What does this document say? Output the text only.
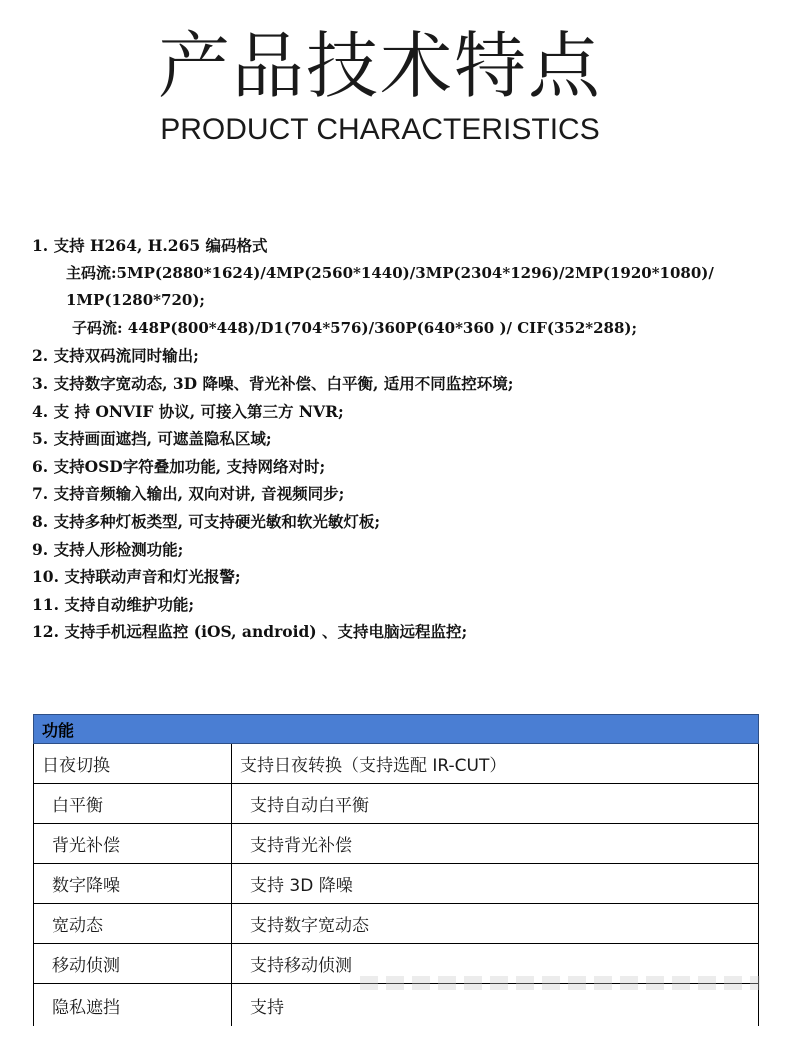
产品技术特点
PRODUCT CHARACTERISTICS
1. 支持 H264, H.265 编码格式
主码流:5MP(2880*1624)/4MP(2560*1440)/3MP(2304*1296)/2MP(1920*1080)/
1MP(1280*720);
子码流: 448P(800*448)/D1(704*576)/360P(640*360 )/ CIF(352*288);
2. 支持双码流同时输出;
3. 支持数字宽动态, 3D 降噪、背光补偿、白平衡, 适用不同监控环境;
4. 支 持 ONVIF 协议, 可接入第三方 NVR;
5. 支持画面遮挡, 可遮盖隐私区域;
6. 支持OSD字符叠加功能, 支持网络对时;
7. 支持音频输入输出, 双向对讲, 音视频同步;
8. 支持多种灯板类型, 可支持硬光敏和软光敏灯板;
9. 支持人形检测功能;
10. 支持联动声音和灯光报警;
11. 支持自动维护功能;
12. 支持手机远程监控 (iOS, android) 、支持电脑远程监控;
功能	
日夜切换	支持日夜转换（支持选配 IR-CUT）
白平衡	支持自动白平衡
背光补偿	支持背光补偿
数字降噪	支持 3D 降噪
宽动态	支持数字宽动态
移动侦测	支持移动侦测
隐私遮挡	支持
